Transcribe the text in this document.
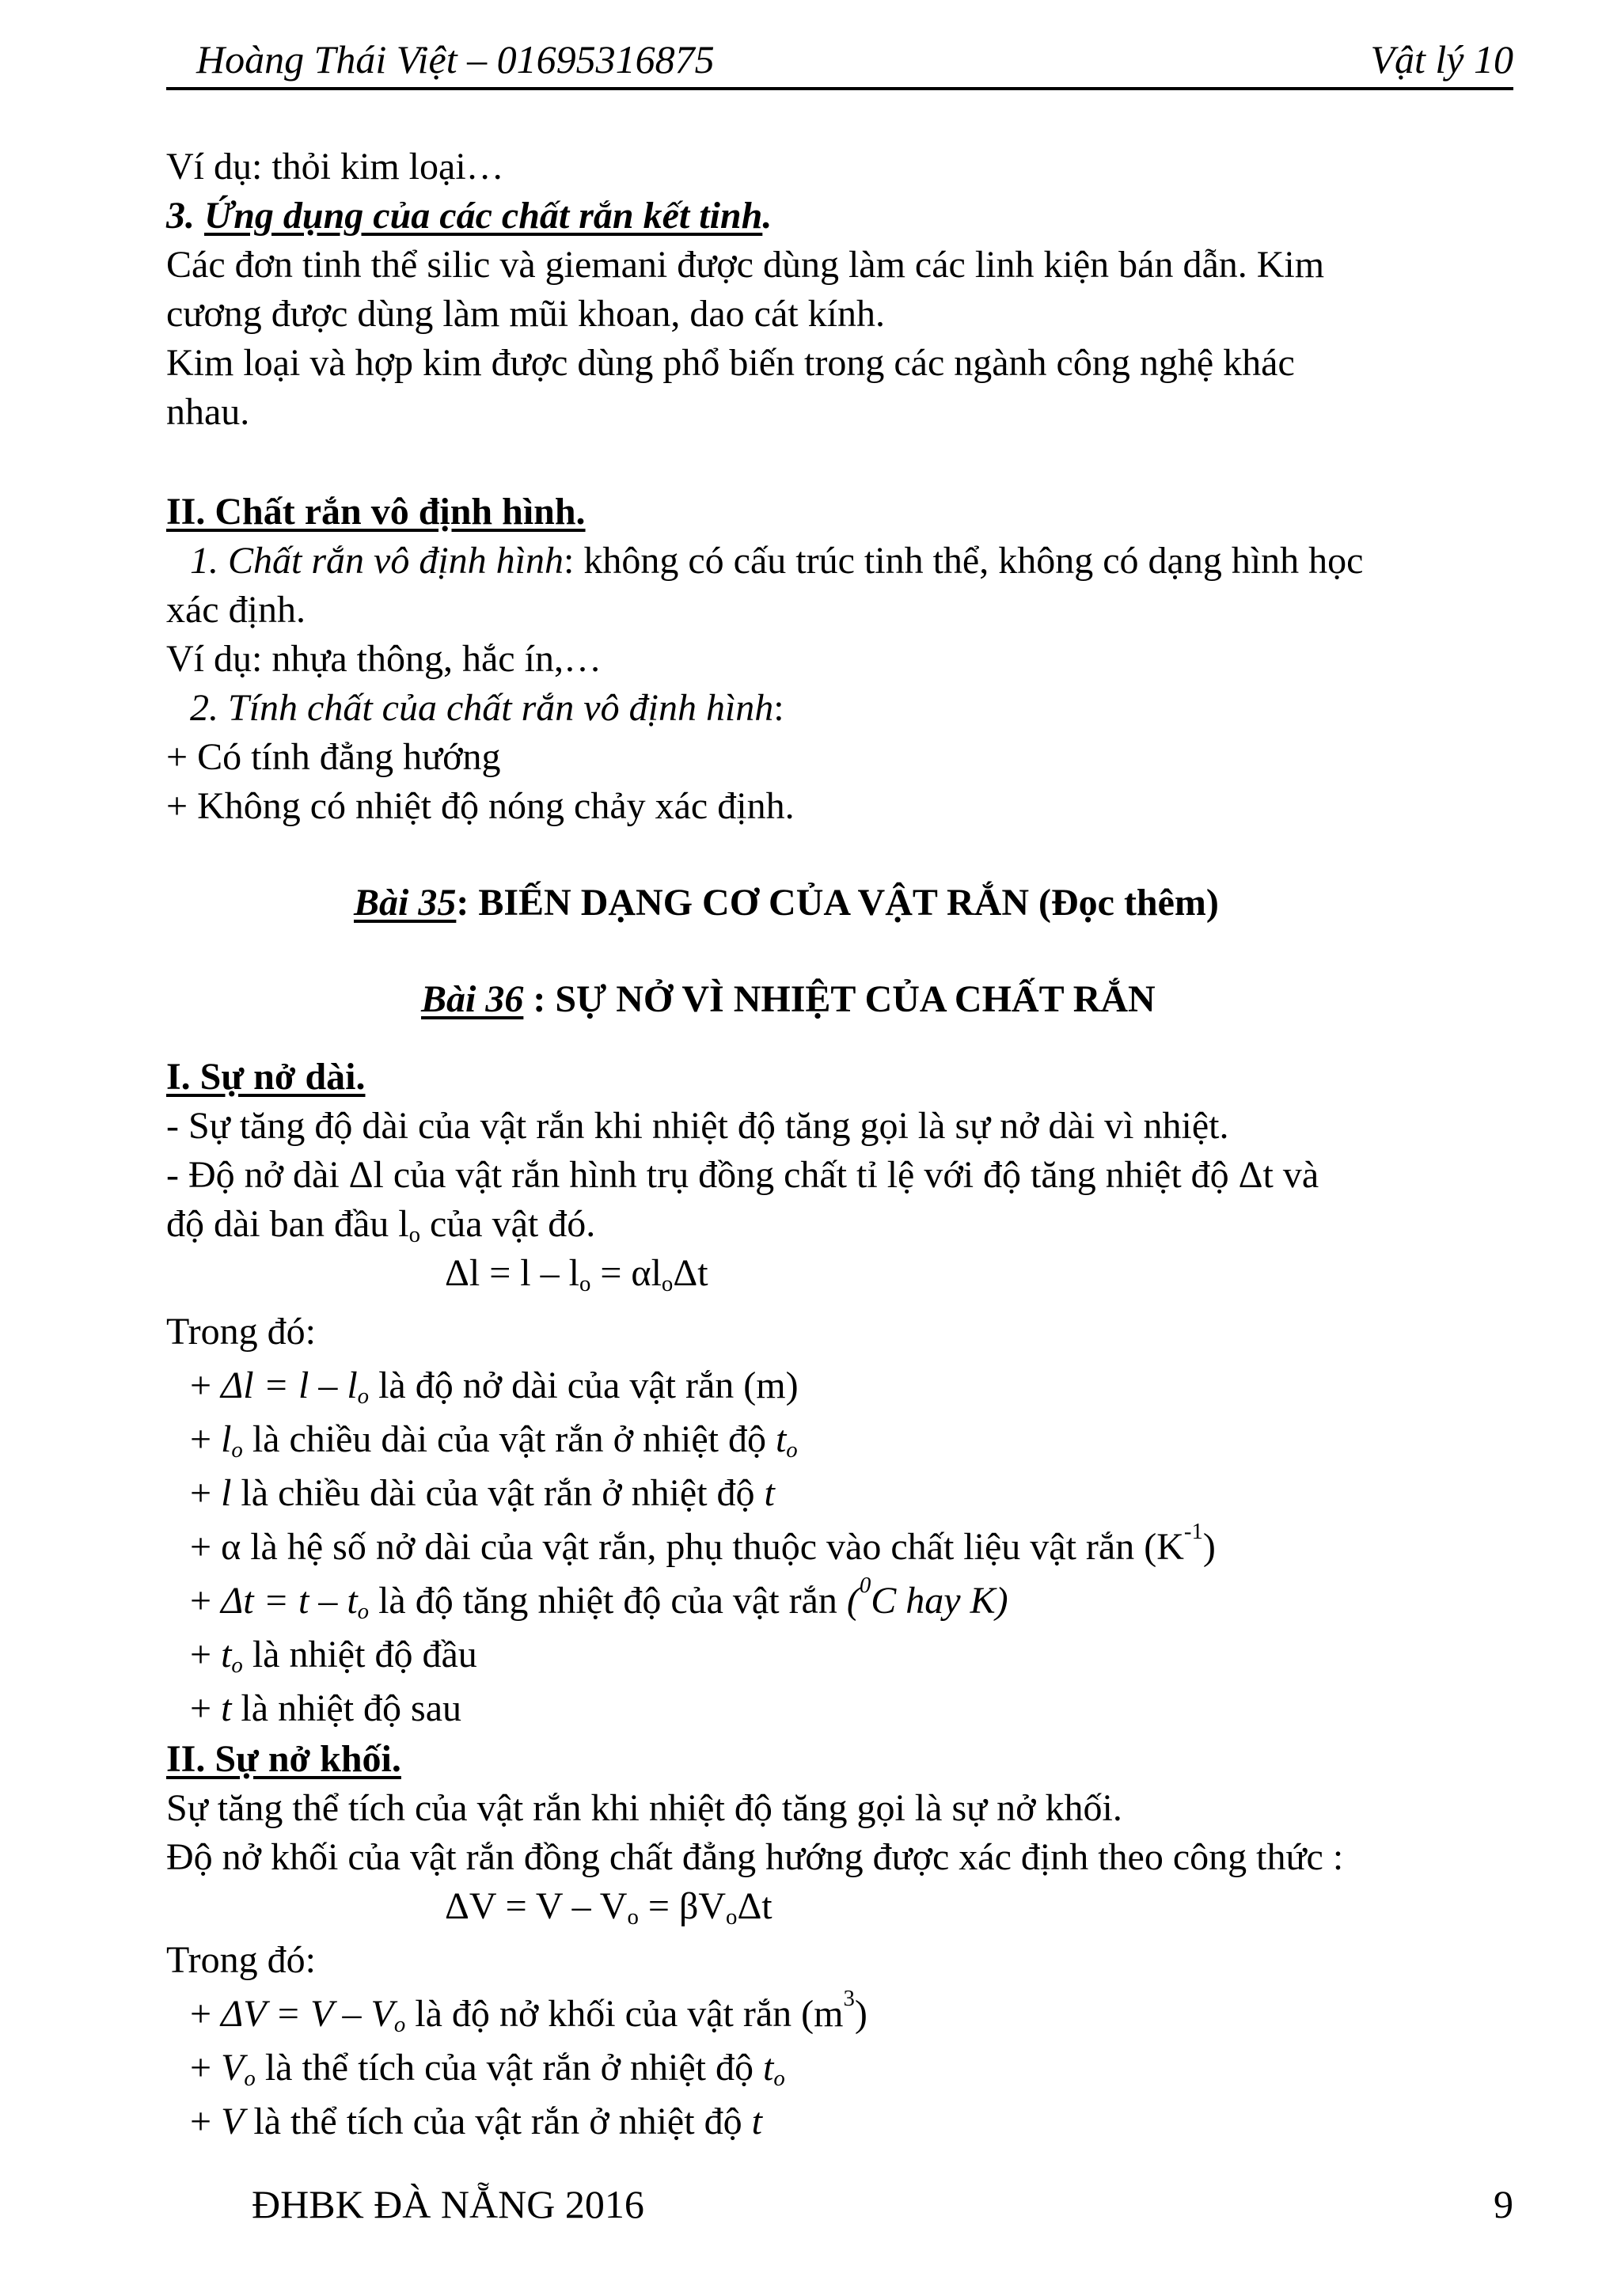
Hoàng Thái Việt – 01695316875	Vật lý 10
Ví dụ: thỏi kim loại…
3. Ứng dụng của các chất rắn kết tinh.
Các đơn tinh thể silic và giemani được dùng làm các linh kiện bán dẫn. Kim
cương được dùng làm mũi khoan, dao cát kính.
Kim loại và hợp kim được dùng phổ biến trong các ngành công nghệ khác
nhau.
II. Chất rắn vô định hình.
1. Chất rắn vô định hình: không có cấu trúc tinh thể, không có dạng hình học
xác định.
Ví dụ: nhựa thông, hắc ín,…
2. Tính chất của chất rắn vô định hình:
+ Có tính đẳng hướng
+ Không có nhiệt độ nóng chảy xác định.
Bài 35: BIẾN DẠNG CƠ CỦA VẬT RẮN (Đọc thêm)
Bài 36 : SỰ NỞ VÌ NHIỆT CỦA CHẤT RẮN
I. Sự nở dài.
- Sự tăng độ dài của vật rắn khi nhiệt độ tăng gọi là sự nở dài vì nhiệt.
- Độ nở dài Δl của vật rắn hình trụ đồng chất tỉ lệ với độ tăng nhiệt độ Δt và
độ dài ban đầu $l_o$ của vật đó.
$\Delta l = l - l_o = \alpha l_o\Delta t$
Trong đó:
+ $\Delta l = l - l_o$ là độ nở dài của vật rắn (m)
+ $l_o$ là chiều dài của vật rắn ở nhiệt độ $t_o$
+ l là chiều dài của vật rắn ở nhiệt độ t
+ α là hệ số nở dài của vật rắn, phụ thuộc vào chất liệu vật rắn $(K^{-1})$
+ $\Delta t = t - t_o$ là độ tăng nhiệt độ của vật rắn ($^0$C hay K)
+ $t_o$ là nhiệt độ đầu
+ t là nhiệt độ sau
II. Sự nở khối.
Sự tăng thể tích của vật rắn khi nhiệt độ tăng gọi là sự nở khối.
Độ nở khối của vật rắn đồng chất đẳng hướng được xác định theo công thức :
$\Delta V = V - V_o = \beta V_o\Delta t$
Trong đó:
+ $\Delta V = V - V_o$ là độ nở khối của vật rắn $(m^3)$
+ $V_o$ là thể tích của vật rắn ở nhiệt độ $t_o$
+ V là thể tích của vật rắn ở nhiệt độ t
ĐHBK ĐÀ NẴNG 2016	9
